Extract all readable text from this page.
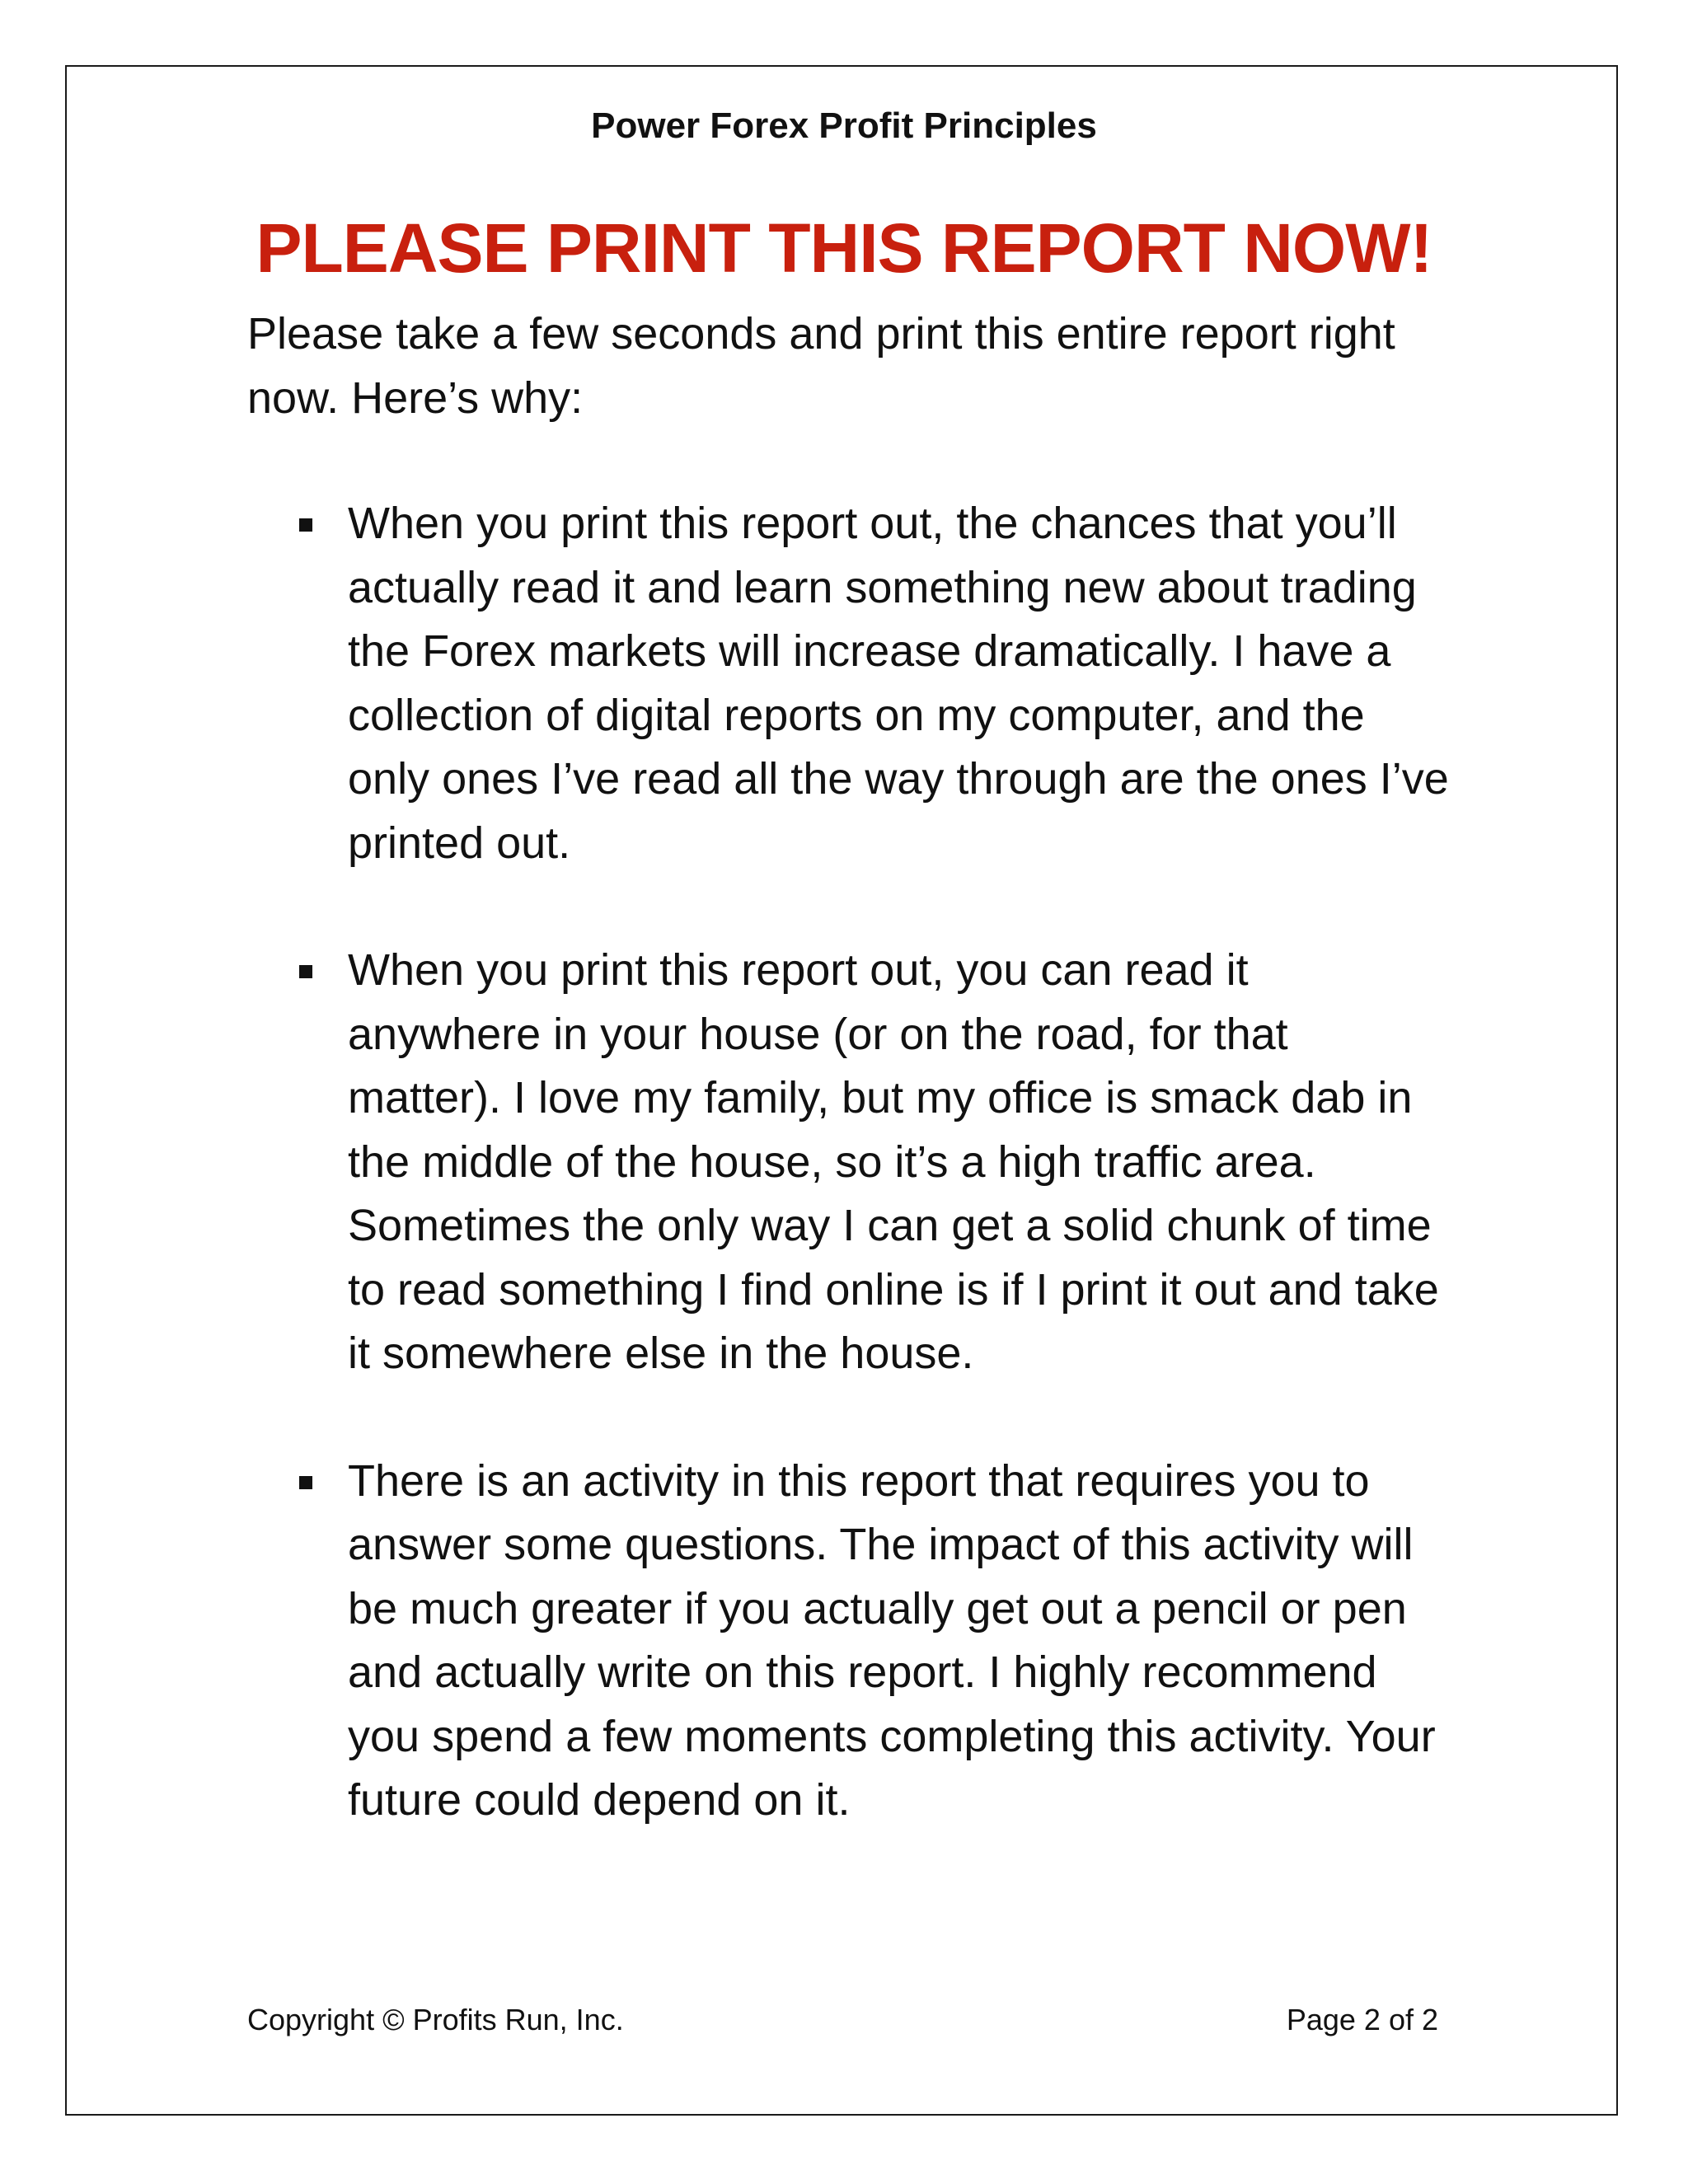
Power Forex Profit Principles
PLEASE PRINT THIS REPORT NOW!
Please take a few seconds and print this entire report right now. Here’s why:
When you print this report out, the chances that you’ll actually read it and learn something new about trading the Forex markets will increase dramatically. I have a collection of digital reports on my computer, and the only ones I’ve read all the way through are the ones I’ve printed out.
When you print this report out, you can read it anywhere in your house (or on the road, for that matter). I love my family, but my office is smack dab in the middle of the house, so it’s a high traffic area. Sometimes the only way I can get a solid chunk of time to read something I find online is if I print it out and take it somewhere else in the house.
There is an activity in this report that requires you to answer some questions. The impact of this activity will be much greater if you actually get out a pencil or pen and actually write on this report. I highly recommend you spend a few moments completing this activity. Your future could depend on it.
Copyright © Profits Run, Inc.	Page 2 of 2
